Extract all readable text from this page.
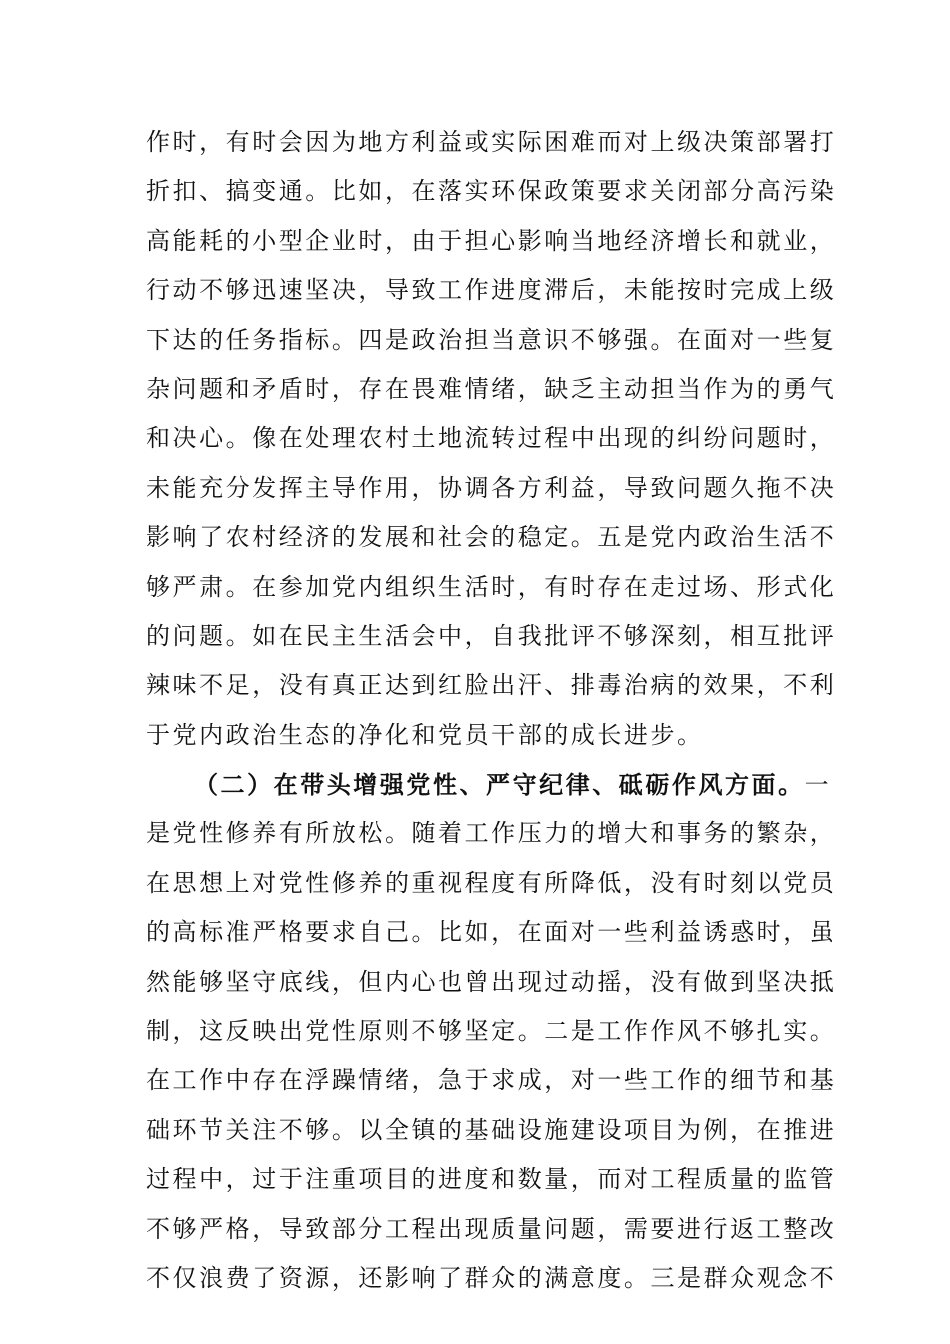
作时，有时会因为地方利益或实际困难而对上级决策部署打
折扣、搞变通。比如，在落实环保政策要求关闭部分高污染
高能耗的小型企业时，由于担心影响当地经济增长和就业，
行动不够迅速坚决，导致工作进度滞后，未能按时完成上级
下达的任务指标。四是政治担当意识不够强。在面对一些复
杂问题和矛盾时，存在畏难情绪，缺乏主动担当作为的勇气
和决心。像在处理农村土地流转过程中出现的纠纷问题时，
未能充分发挥主导作用，协调各方利益，导致问题久拖不决
影响了农村经济的发展和社会的稳定。五是党内政治生活不
够严肃。在参加党内组织生活时，有时存在走过场、形式化
的问题。如在民主生活会中，自我批评不够深刻，相互批评
辣味不足，没有真正达到红脸出汗、排毒治病的效果，不利
于党内政治生态的净化和党员干部的成长进步。
（二）在带头增强党性、严守纪律、砥砺作风方面。一
是党性修养有所放松。随着工作压力的增大和事务的繁杂，
在思想上对党性修养的重视程度有所降低，没有时刻以党员
的高标准严格要求自己。比如，在面对一些利益诱惑时，虽
然能够坚守底线，但内心也曾出现过动摇，没有做到坚决抵
制，这反映出党性原则不够坚定。二是工作作风不够扎实。
在工作中存在浮躁情绪，急于求成，对一些工作的细节和基
础环节关注不够。以全镇的基础设施建设项目为例，在推进
过程中，过于注重项目的进度和数量，而对工程质量的监管
不够严格，导致部分工程出现质量问题，需要进行返工整改
不仅浪费了资源，还影响了群众的满意度。三是群众观念不
